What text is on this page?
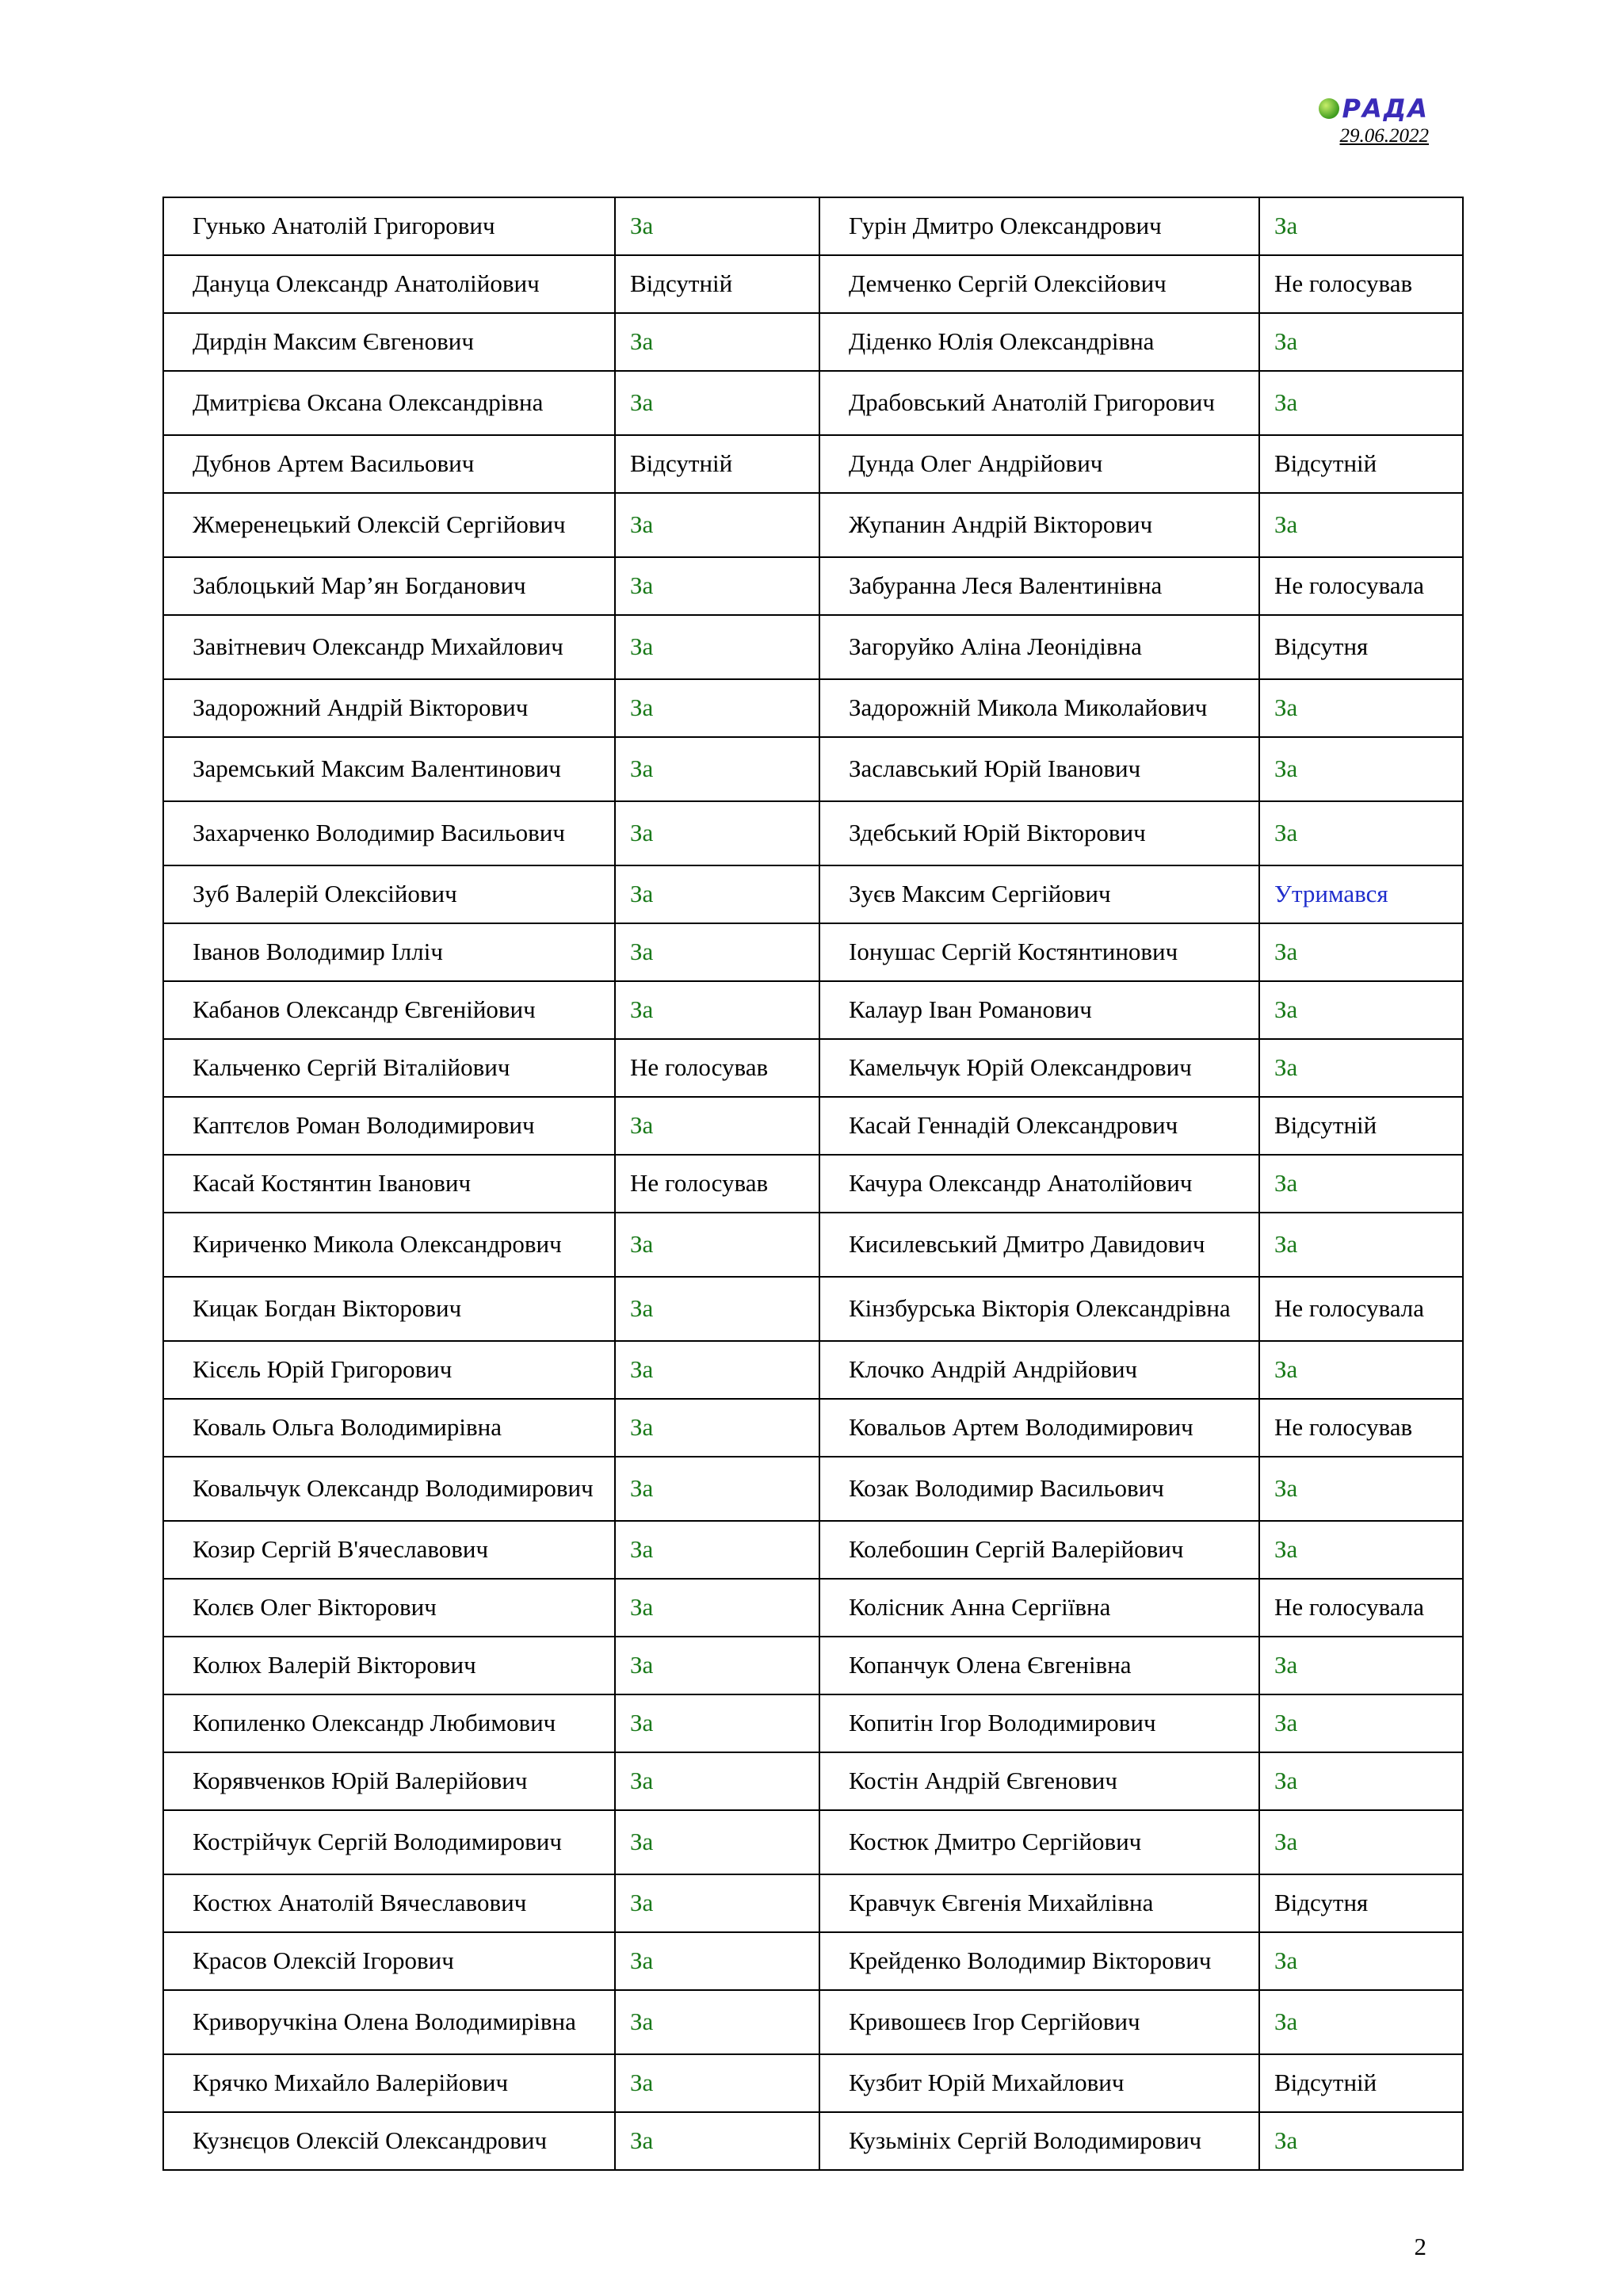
РАДА
29.06.2022
Гунько Анатолій Григорович	За	Гурін Дмитро Олександрович	За
Дануца Олександр Анатолійович	Відсутній	Демченко Сергій Олексійович	Не голосував
Дирдін Максим Євгенович	За	Діденко Юлія Олександрівна	За
Дмитрієва Оксана Олександрівна	За	Драбовський Анатолій Григорович	За
Дубнов Артем Васильович	Відсутній	Дунда Олег Андрійович	Відсутній
Жмеренецький Олексій Сергійович	За	Жупанин Андрій Вікторович	За
Заблоцький Мар’ян Богданович	За	Забуранна Леся Валентинівна	Не голосувала
Завітневич Олександр Михайлович	За	Загоруйко Аліна Леонідівна	Відсутня
Задорожний Андрій Вікторович	За	Задорожній Микола Миколайович	За
Заремський Максим Валентинович	За	Заславський Юрій Іванович	За
Захарченко Володимир Васильович	За	Здебський Юрій Вікторович	За
Зуб Валерій Олексійович	За	Зуєв Максим Сергійович	Утримався
Іванов Володимир Ілліч	За	Іонушас Сергій Костянтинович	За
Кабанов Олександр Євгенійович	За	Калаур Іван Романович	За
Кальченко Сергій Віталійович	Не голосував	Камельчук Юрій Олександрович	За
Каптєлов Роман Володимирович	За	Касай Геннадій Олександрович	Відсутній
Касай Костянтин Іванович	Не голосував	Качура Олександр Анатолійович	За
Кириченко Микола Олександрович	За	Кисилевський Дмитро Давидович	За
Кицак Богдан Вікторович	За	Кінзбурська Вікторія Олександрівна	Не голосувала
Кісєль Юрій Григорович	За	Клочко Андрій Андрійович	За
Коваль Ольга Володимирівна	За	Ковальов Артем Володимирович	Не голосував
Ковальчук Олександр Володимирович	За	Козак Володимир Васильович	За
Козир Сергій В'ячеславович	За	Колебошин Сергій Валерійович	За
Колєв Олег Вікторович	За	Колісник Анна Сергіївна	Не голосувала
Колюх Валерій Вікторович	За	Копанчук Олена Євгенівна	За
Копиленко Олександр Любимович	За	Копитін Ігор Володимирович	За
Корявченков Юрій Валерійович	За	Костін Андрій Євгенович	За
Кострійчук Сергій Володимирович	За	Костюк Дмитро Сергійович	За
Костюх Анатолій Вячеславович	За	Кравчук Євгенія Михайлівна	Відсутня
Красов Олексій Ігорович	За	Крейденко Володимир Вікторович	За
Криворучкіна Олена Володимирівна	За	Кривошеєв Ігор Сергійович	За
Крячко Михайло Валерійович	За	Кузбит Юрій Михайлович	Відсутній
Кузнєцов Олексій Олександрович	За	Кузьмініх Сергій Володимирович	За
2
